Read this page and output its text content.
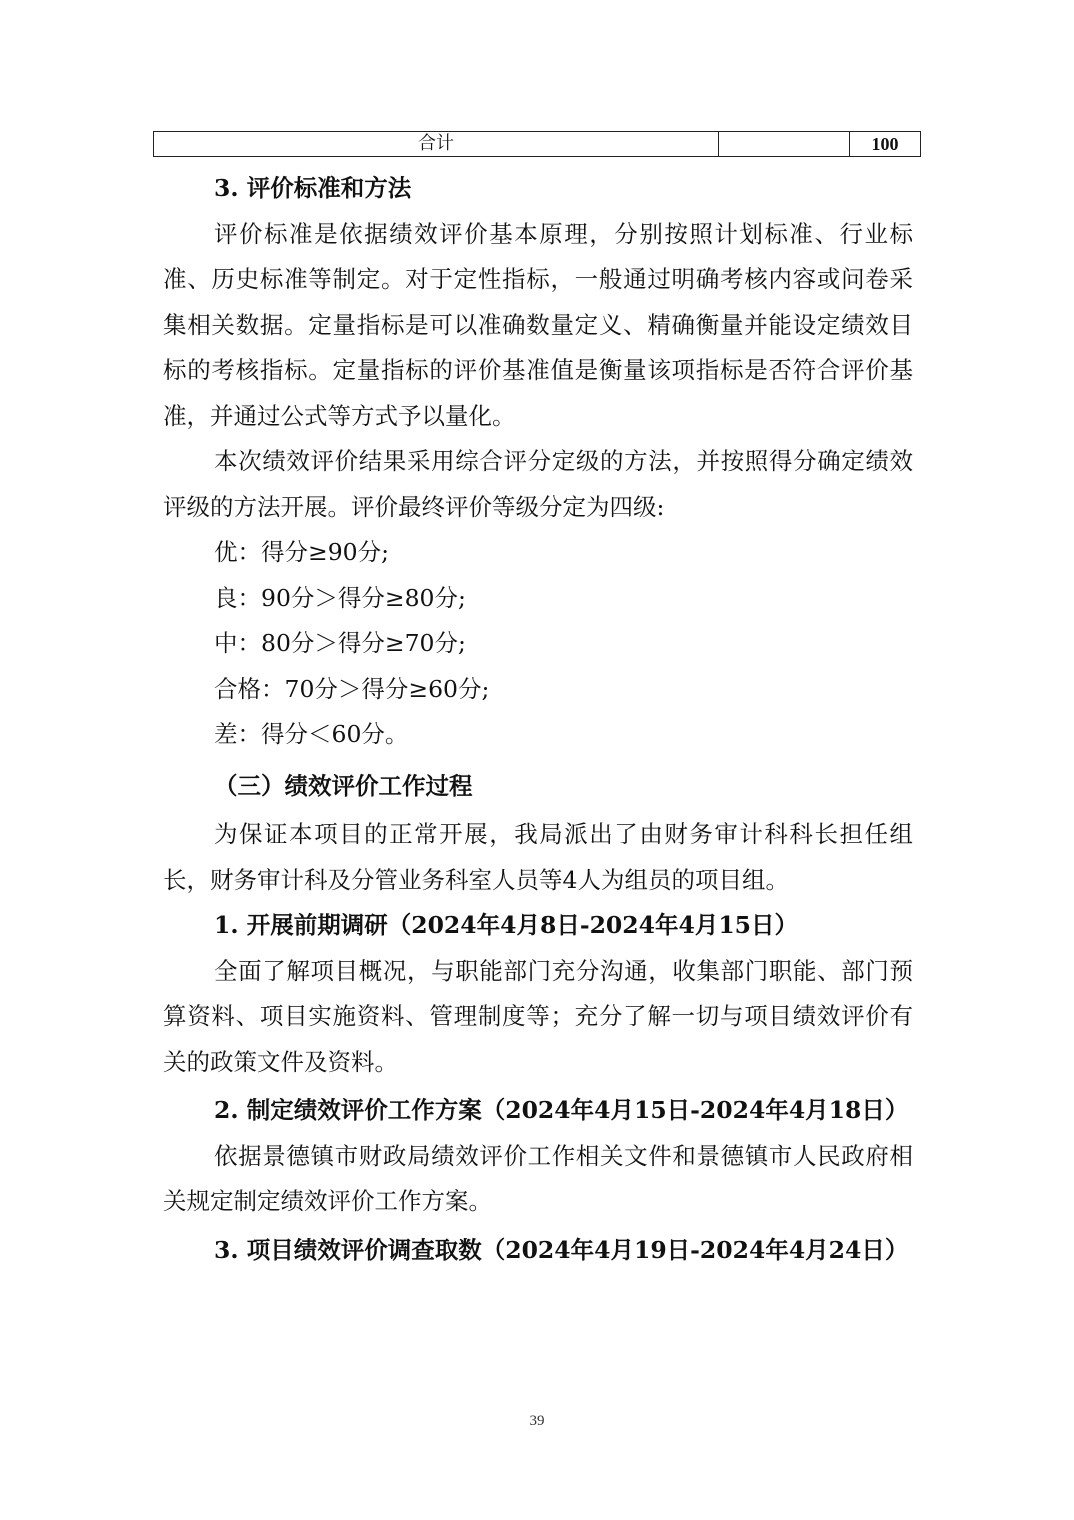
合计		100

3. 评价标准和方法

评价标准是依据绩效评价基本原理，分别按照计划标准、行业标准、历史标准等制定。对于定性指标，一般通过明确考核内容或问卷采集相关数据。定量指标是可以准确数量定义、精确衡量并能设定绩效目标的考核指标。定量指标的评价基准值是衡量该项指标是否符合评价基准，并通过公式等方式予以量化。

本次绩效评价结果采用综合评分定级的方法，并按照得分确定绩效评级的方法开展。评价最终评价等级分定为四级:

优：得分≥90分;

良：90分＞得分≥80分;

中：80分＞得分≥70分;

合格：70分＞得分≥60分;

差：得分＜60分。

（三）绩效评价工作过程

为保证本项目的正常开展，我局派出了由财务审计科科长担任组长，财务审计科及分管业务科室人员等4人为组员的项目组。

1. 开展前期调研（2024年4月8日-2024年4月15日）

全面了解项目概况，与职能部门充分沟通，收集部门职能、部门预算资料、项目实施资料、管理制度等；充分了解一切与项目绩效评价有关的政策文件及资料。

2. 制定绩效评价工作方案（2024年4月15日-2024年4月18日）

依据景德镇市财政局绩效评价工作相关文件和景德镇市人民政府相关规定制定绩效评价工作方案。

3. 项目绩效评价调查取数（2024年4月19日-2024年4月24日）

39
